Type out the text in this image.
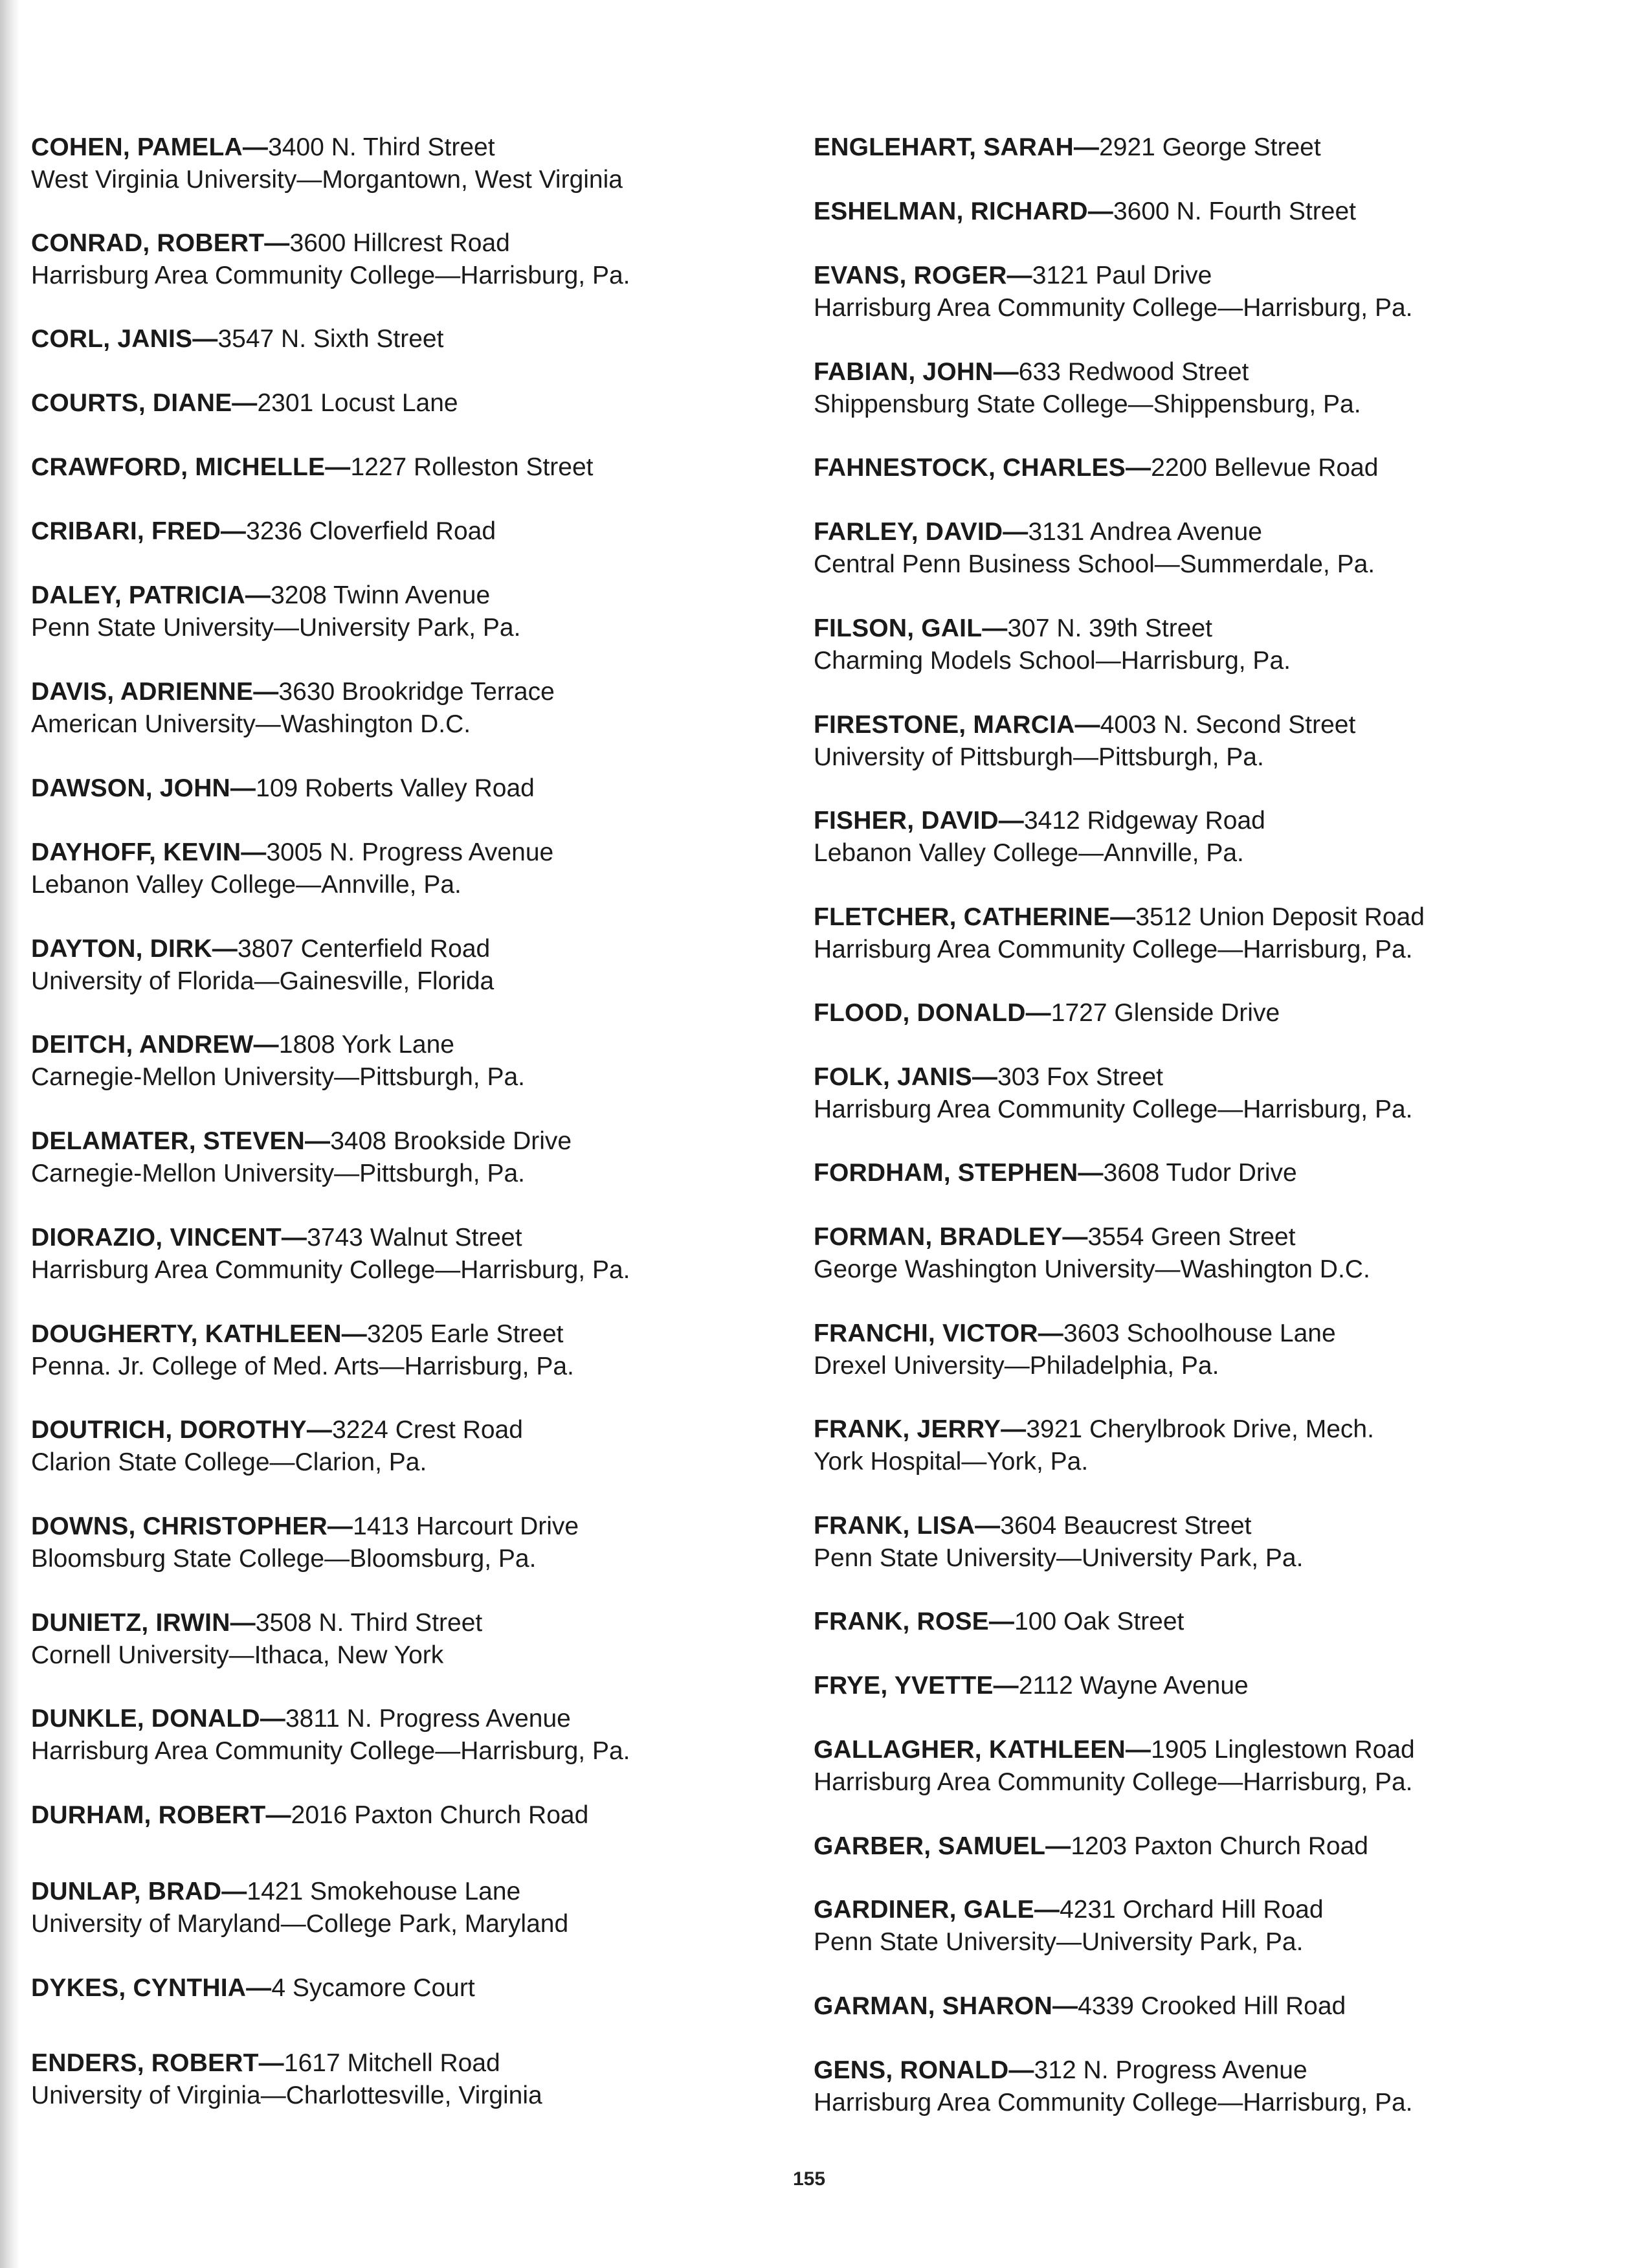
COHEN, PAMELA—3400 N. Third Street
West Virginia University—Morgantown, West Virginia
CONRAD, ROBERT—3600 Hillcrest Road
Harrisburg Area Community College—Harrisburg, Pa.
CORL, JANIS—3547 N. Sixth Street
COURTS, DIANE—2301 Locust Lane
CRAWFORD, MICHELLE—1227 Rolleston Street
CRIBARI, FRED—3236 Cloverfield Road
DALEY, PATRICIA—3208 Twinn Avenue
Penn State University—University Park, Pa.
DAVIS, ADRIENNE—3630 Brookridge Terrace
American University—Washington D.C.
DAWSON, JOHN—109 Roberts Valley Road
DAYHOFF, KEVIN—3005 N. Progress Avenue
Lebanon Valley College—Annville, Pa.
DAYTON, DIRK—3807 Centerfield Road
University of Florida—Gainesville, Florida
DEITCH, ANDREW—1808 York Lane
Carnegie-Mellon University—Pittsburgh, Pa.
DELAMATER, STEVEN—3408 Brookside Drive
Carnegie-Mellon University—Pittsburgh, Pa.
DIORAZIO, VINCENT—3743 Walnut Street
Harrisburg Area Community College—Harrisburg, Pa.
DOUGHERTY, KATHLEEN—3205 Earle Street
Penna. Jr. College of Med. Arts—Harrisburg, Pa.
DOUTRICH, DOROTHY—3224 Crest Road
Clarion State College—Clarion, Pa.
DOWNS, CHRISTOPHER—1413 Harcourt Drive
Bloomsburg State College—Bloomsburg, Pa.
DUNIETZ, IRWIN—3508 N. Third Street
Cornell University—Ithaca, New York
DUNKLE, DONALD—3811 N. Progress Avenue
Harrisburg Area Community College—Harrisburg, Pa.
DURHAM, ROBERT—2016 Paxton Church Road
DUNLAP, BRAD—1421 Smokehouse Lane
University of Maryland—College Park, Maryland
DYKES, CYNTHIA—4 Sycamore Court
ENDERS, ROBERT—1617 Mitchell Road
University of Virginia—Charlottesville, Virginia
ENGLEHART, SARAH—2921 George Street
ESHELMAN, RICHARD—3600 N. Fourth Street
EVANS, ROGER—3121 Paul Drive
Harrisburg Area Community College—Harrisburg, Pa.
FABIAN, JOHN—633 Redwood Street
Shippensburg State College—Shippensburg, Pa.
FAHNESTOCK, CHARLES—2200 Bellevue Road
FARLEY, DAVID—3131 Andrea Avenue
Central Penn Business School—Summerdale, Pa.
FILSON, GAIL—307 N. 39th Street
Charming Models School—Harrisburg, Pa.
FIRESTONE, MARCIA—4003 N. Second Street
University of Pittsburgh—Pittsburgh, Pa.
FISHER, DAVID—3412 Ridgeway Road
Lebanon Valley College—Annville, Pa.
FLETCHER, CATHERINE—3512 Union Deposit Road
Harrisburg Area Community College—Harrisburg, Pa.
FLOOD, DONALD—1727 Glenside Drive
FOLK, JANIS—303 Fox Street
Harrisburg Area Community College—Harrisburg, Pa.
FORDHAM, STEPHEN—3608 Tudor Drive
FORMAN, BRADLEY—3554 Green Street
George Washington University—Washington D.C.
FRANCHI, VICTOR—3603 Schoolhouse Lane
Drexel University—Philadelphia, Pa.
FRANK, JERRY—3921 Cherylbrook Drive, Mech.
York Hospital—York, Pa.
FRANK, LISA—3604 Beaucrest Street
Penn State University—University Park, Pa.
FRANK, ROSE—100 Oak Street
FRYE, YVETTE—2112 Wayne Avenue
GALLAGHER, KATHLEEN—1905 Linglestown Road
Harrisburg Area Community College—Harrisburg, Pa.
GARBER, SAMUEL—1203 Paxton Church Road
GARDINER, GALE—4231 Orchard Hill Road
Penn State University—University Park, Pa.
GARMAN, SHARON—4339 Crooked Hill Road
GENS, RONALD—312 N. Progress Avenue
Harrisburg Area Community College—Harrisburg, Pa.
155
